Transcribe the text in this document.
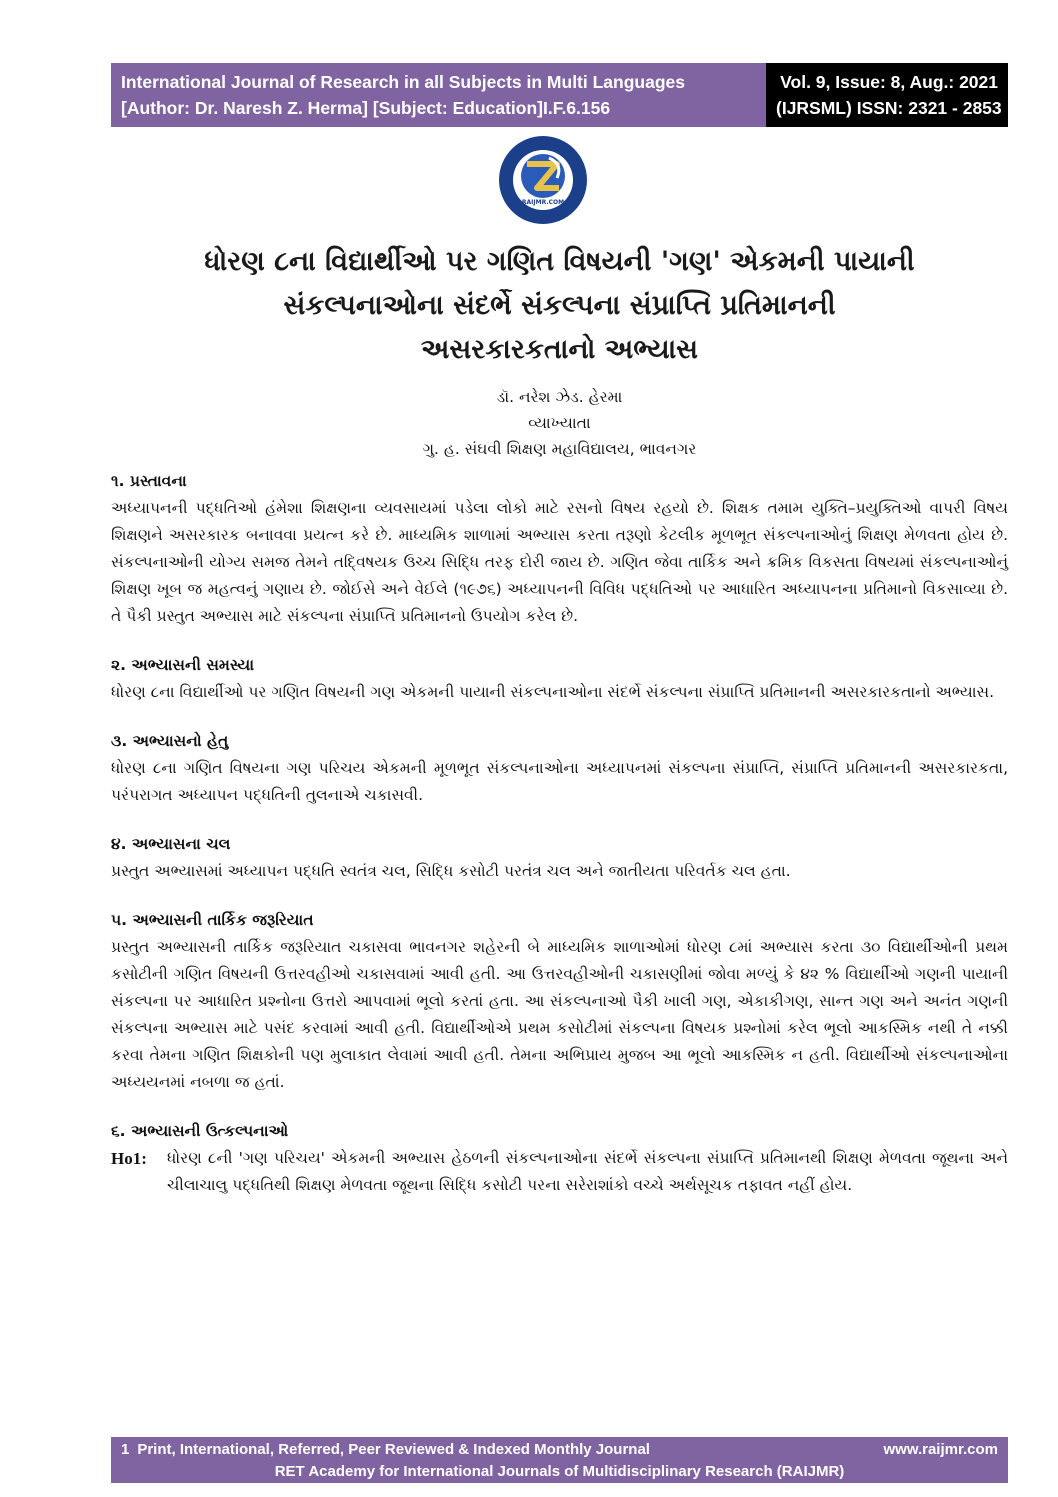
International Journal of Research in all Subjects in Multi Languages
[Author: Dr. Naresh Z. Herma] [Subject: Education]I.F.6.156
Vol. 9, Issue: 8, Aug.: 2021
(IJRSML) ISSN: 2321 - 2853
RAIJMR.COM
ધોરણ ૮ના વિદ્યાર્થીઓ પર ગણિત વિષયની 'ગણ' એકમની પાયાની
સંકલ્પનાઓના સંદર્ભે સંકલ્પના સંપ્રાપ્તિ પ્રતિમાનની
અસરકારકતાનો અભ્યાસ
ડૉ. નરેશ ઝેડ. હેરમા
વ્યાખ્યાતા
ગુ. હ. સંઘવી શિક્ષણ મહાવિદ્યાલય, ભાવનગર

૧. પ્રસ્તાવના

અધ્યાપનની પદ્ધતિઓ હંમેશા શિક્ષણના વ્યવસાયમાં પડેલા લોકો માટે રસનો વિષય રહયો છે. શિક્ષક તમામ યુક્તિ–પ્રયુક્તિઓ વાપરી વિષય શિક્ષણને અસરકારક બનાવવા પ્રયત્ન કરે છે. માધ્યમિક શાળામાં અભ્યાસ કરતા તરૂણો કેટલીક મૂળભૂત સંકલ્પનાઓનું શિક્ષણ મેળવતા હોય છે. સંકલ્પનાઓની યોગ્ય સમજ તેમને તદ્‍વિષયક ઉચ્ચ સિદ્ધિ તરફ દોરી જાય છે. ગણિત જેવા તાર્કિક અને ક્રમિક વિકસતા વિષયમાં સંકલ્પનાઓનું શિક્ષણ ખૂબ જ મહત્વનું ગણાય છે. જોઈસે અને વેઈલે (૧૯૭૬) અધ્યાપનની વિવિધ પદ્ધતિઓ પર આધારિત અધ્યાપનના પ્રતિમાનો વિકસાવ્યા છે. તે પૈકી પ્રસ્તુત અભ્યાસ માટે સંકલ્પના સંપ્રાપ્તિ પ્રતિમાનનો ઉપયોગ કરેલ છે.

૨. અભ્યાસની સમસ્યા

ધોરણ ૮ના વિદ્યાર્થીઓ પર ગણિત વિષયની ગણ એકમની પાયાની સંકલ્પનાઓના સંદર્ભે સંકલ્પના સંપ્રાપ્તિ પ્રતિમાનની અસરકારકતાનો અભ્યાસ.

૩. અભ્યાસનો હેતુ

ધોરણ ૮ના ગણિત વિષયના ગણ પરિચય એકમની મૂળભૂત સંકલ્પનાઓના અધ્યાપનમાં સંકલ્પના સંપ્રાપ્તિ, સંપ્રાપ્તિ પ્રતિમાનની અસરકારકતા, પરંપરાગત અધ્યાપન પદ્ધતિની તુલનાએ ચકાસવી.

૪. અભ્યાસના ચલ

પ્રસ્તુત અભ્યાસમાં અધ્યાપન પદ્ધતિ સ્વતંત્ર ચલ, સિદ્ધિ કસોટી પરતંત્ર ચલ અને જાતીયતા પરિવર્તક ચલ હતા.

૫. અભ્યાસની તાર્કિક જરૂરિયાત

પ્રસ્તુત અભ્યાસની તાર્કિક જરૂરિયાત ચકાસવા ભાવનગર શહેરની બે માધ્યમિક શાળાઓમાં ધોરણ ૮માં અભ્યાસ કરતા ૩૦ વિદ્યાર્થીઓની પ્રથમ કસોટીની ગણિત વિષયની ઉત્તરવહીઓ ચકાસવામાં આવી હતી. આ ઉત્તરવહીઓની ચકાસણીમાં જોવા મળ્યું કે ૪૨ % વિદ્યાર્થીઓ ગણની પાયાની સંકલ્પના પર આધારિત પ્રશ્નોના ઉત્તરો આપવામાં ભૂલો કરતાં હતા. આ સંકલ્પનાઓ પૈકી ખાલી ગણ, એકાકીગણ, સાન્ત ગણ અને અનંત ગણની સંકલ્પના અભ્યાસ માટે પસંદ કરવામાં આવી હતી. વિદ્યાર્થીઓએ પ્રથમ કસોટીમાં સંકલ્પના વિષયક પ્રશ્નોમાં કરેલ ભૂલો આકસ્મિક નથી તે નક્કી કરવા તેમના ગણિત શિક્ષકોની પણ મુલાકાત લેવામાં આવી હતી. તેમના અભિપ્રાય મુજબ આ ભૂલો આકસ્મિક ન હતી. વિદ્યાર્થીઓ સંકલ્પનાઓના અધ્યયનમાં નબળા જ હતાં.

૬. અભ્યાસની ઉત્કલ્પનાઓ

Ho1:	ધોરણ ૮ની 'ગણ પરિચય' એકમની અભ્યાસ હેઠળની સંકલ્પનાઓના સંદર્ભે સંકલ્પના સંપ્રાપ્તિ પ્રતિમાનથી શિક્ષણ મેળવતા જૂથના અને ચીલાચાલુ પદ્ધતિથી શિક્ષણ મેળવતા જૂથના સિદ્ધિ કસોટી પરના સરેરાશાંકો વચ્ચે અર્થસૂચક તફાવત નહીં હોય.
1 Print, International, Referred, Peer Reviewed & Indexed Monthly Journal	www.raijmr.com
RET Academy for International Journals of Multidisciplinary Research (RAIJMR)
